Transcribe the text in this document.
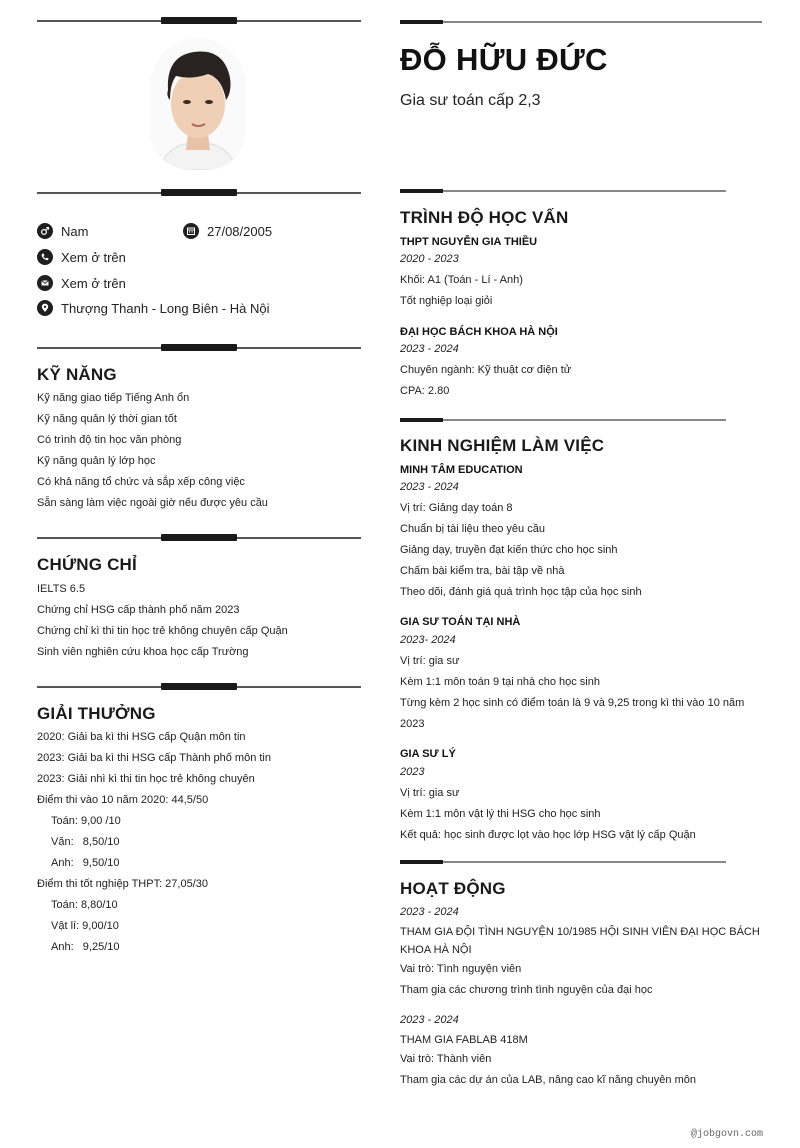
Nam	27/08/2005
Xem ở trên
Xem ở trên
Thượng Thanh - Long Biên - Hà Nội
KỸ NĂNG
Kỹ năng giao tiếp Tiếng Anh ổn
Kỹ năng quản lý thời gian tốt
Có trình độ tin học văn phòng
Kỹ năng quản lý lớp học
Có khả năng tổ chức và sắp xếp công việc
Sẵn sàng làm việc ngoài giờ nếu được yêu cầu
CHỨNG CHỈ
IELTS 6.5
Chứng chỉ HSG cấp thành phố năm 2023
Chứng chỉ kì thi tin học trẻ không chuyên cấp Quận
Sinh viên nghiên cứu khoa học cấp Trường
GIẢI THƯỞNG
2020: Giải ba kì thi HSG cấp Quận môn tin
2023: Giải ba kì thi HSG cấp Thành phố môn tin
2023: Giải nhì kì thi tin học trẻ không chuyên
Điểm thi vào 10 năm 2020: 44,5/50
Toán: 9,00 /10
Văn:   8,50/10
Anh:   9,50/10
Điểm thi tốt nghiệp THPT: 27,05/30
Toán: 8,80/10
Vật lí: 9,00/10
Anh:   9,25/10
ĐỖ HỮU ĐỨC
Gia sư toán cấp 2,3
TRÌNH ĐỘ HỌC VẤN
THPT NGUYỄN GIA THIỀU
2020 - 2023
Khối: A1 (Toán - Lí - Anh)
Tốt nghiệp loại giỏi
ĐẠI HỌC BÁCH KHOA HÀ NỘI
2023 - 2024
Chuyên ngành: Kỹ thuật cơ điện tử
CPA: 2.80
KINH NGHIỆM LÀM VIỆC
MINH TÂM EDUCATION
2023 - 2024
Vị trí: Giảng dạy toán 8
Chuẩn bị tài liệu theo yêu cầu
Giảng dạy, truyền đạt kiến thức cho học sinh
Chấm bài kiểm tra, bài tập về nhà
Theo dõi, đánh giá quá trình học tập của học sinh
GIA SƯ TOÁN TẠI NHÀ
2023- 2024
Vị trí: gia sư
Kèm 1:1 môn toán 9 tại nhà cho học sinh
Từng kèm 2 học sinh có điểm toán là 9 và 9,25 trong kì thi vào 10 năm
2023
GIA SƯ LÝ
2023
Vị trí: gia sư
Kèm 1:1 môn vật lý thi HSG cho học sinh
Kết quả: học sinh được lọt vào học lớp HSG vật lý cấp Quận
HOẠT ĐỘNG
2023 - 2024
THAM GIA ĐỘI TÌNH NGUYỆN 10/1985 HỘI SINH VIÊN ĐẠI HỌC BÁCH
KHOA HÀ NỘI
Vai trò: Tình nguyện viên
Tham gia các chương trình tình nguyện của đại học
2023 - 2024
THAM GIA FABLAB 418M
Vai trò: Thành viên
Tham gia các dự án của LAB, nâng cao kĩ năng chuyên môn
@jobgovn.com
